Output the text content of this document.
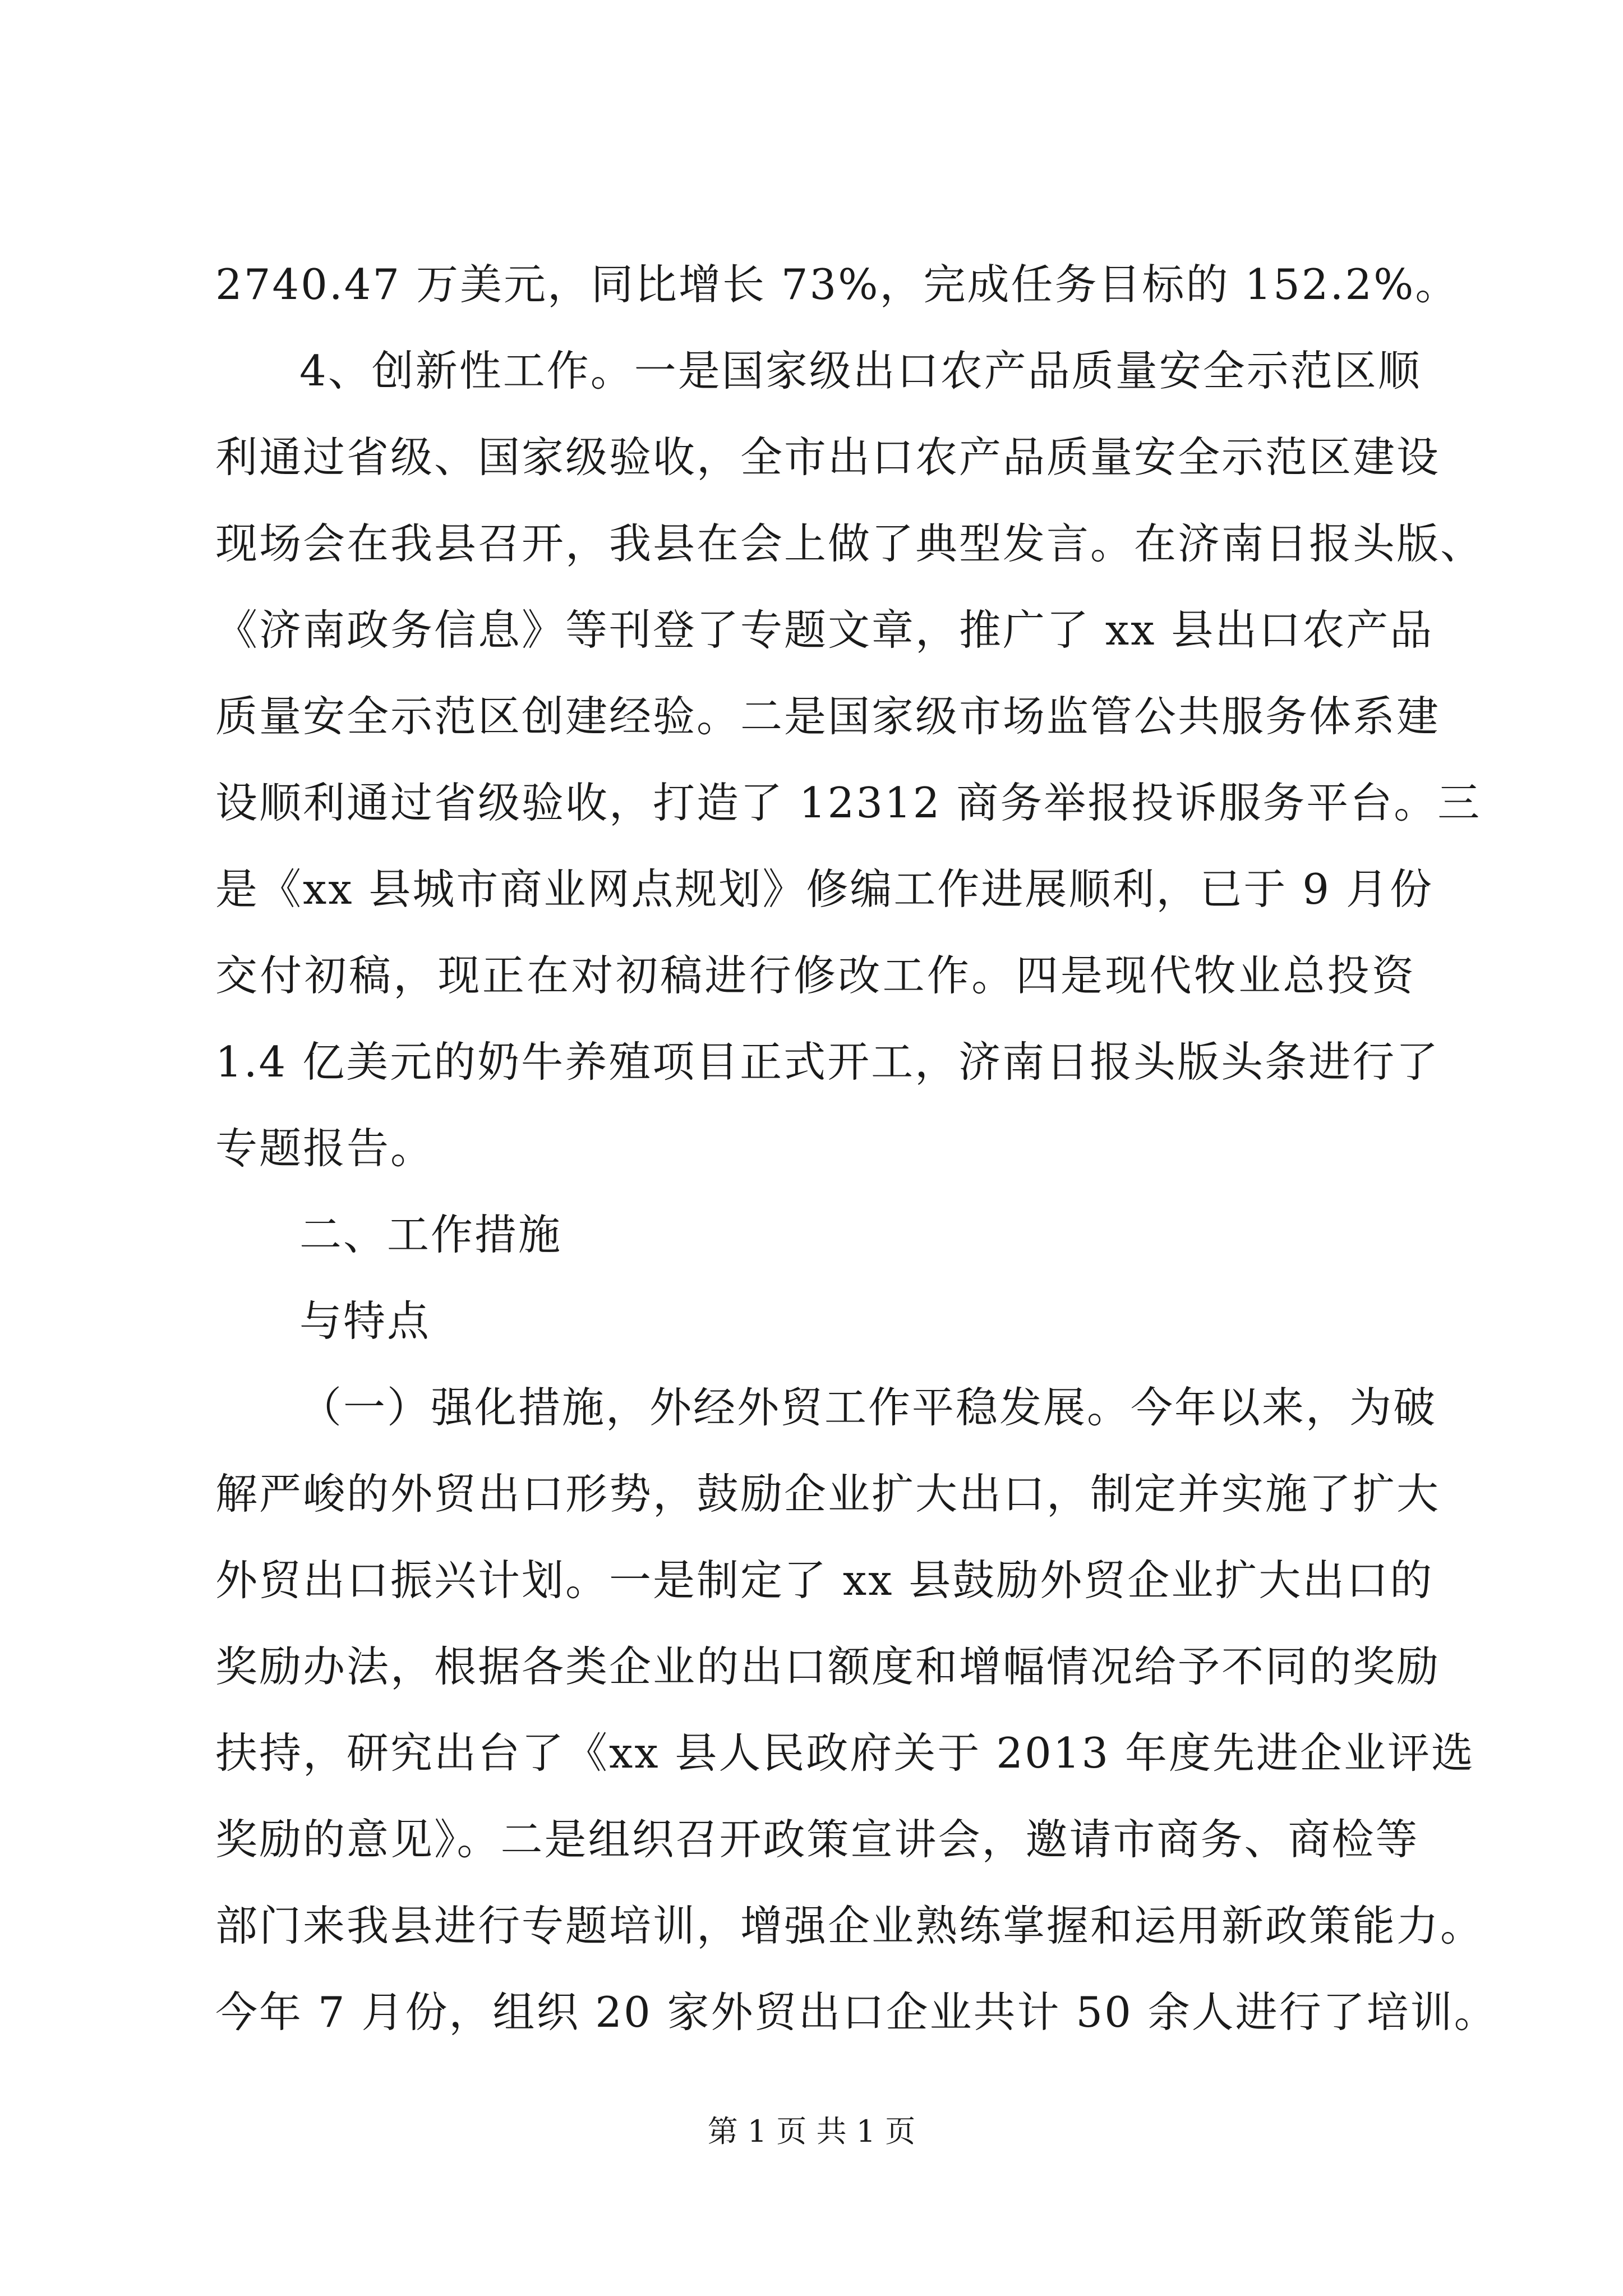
2740.47 万美元，同比增长 73%，完成任务目标的 152.2%。
4、创新性工作。一是国家级出口农产品质量安全示范区顺
利通过省级、国家级验收，全市出口农产品质量安全示范区建设
现场会在我县召开，我县在会上做了典型发言。在济南日报头版、
《济南政务信息》等刊登了专题文章，推广了 xx 县出口农产品
质量安全示范区创建经验。二是国家级市场监管公共服务体系建
设顺利通过省级验收，打造了 12312 商务举报投诉服务平台。三
是《xx 县城市商业网点规划》修编工作进展顺利，已于 9 月份
交付初稿，现正在对初稿进行修改工作。四是现代牧业总投资
1.4 亿美元的奶牛养殖项目正式开工，济南日报头版头条进行了
专题报告。
二、工作措施
与特点
（一）强化措施，外经外贸工作平稳发展。今年以来，为破
解严峻的外贸出口形势，鼓励企业扩大出口，制定并实施了扩大
外贸出口振兴计划。一是制定了 xx 县鼓励外贸企业扩大出口的
奖励办法，根据各类企业的出口额度和增幅情况给予不同的奖励
扶持，研究出台了《xx 县人民政府关于 2013 年度先进企业评选
奖励的意见》。二是组织召开政策宣讲会，邀请市商务、商检等
部门来我县进行专题培训，增强企业熟练掌握和运用新政策能力。
今年 7 月份，组织 20 家外贸出口企业共计 50 余人进行了培训。
第 1 页 共 1 页
